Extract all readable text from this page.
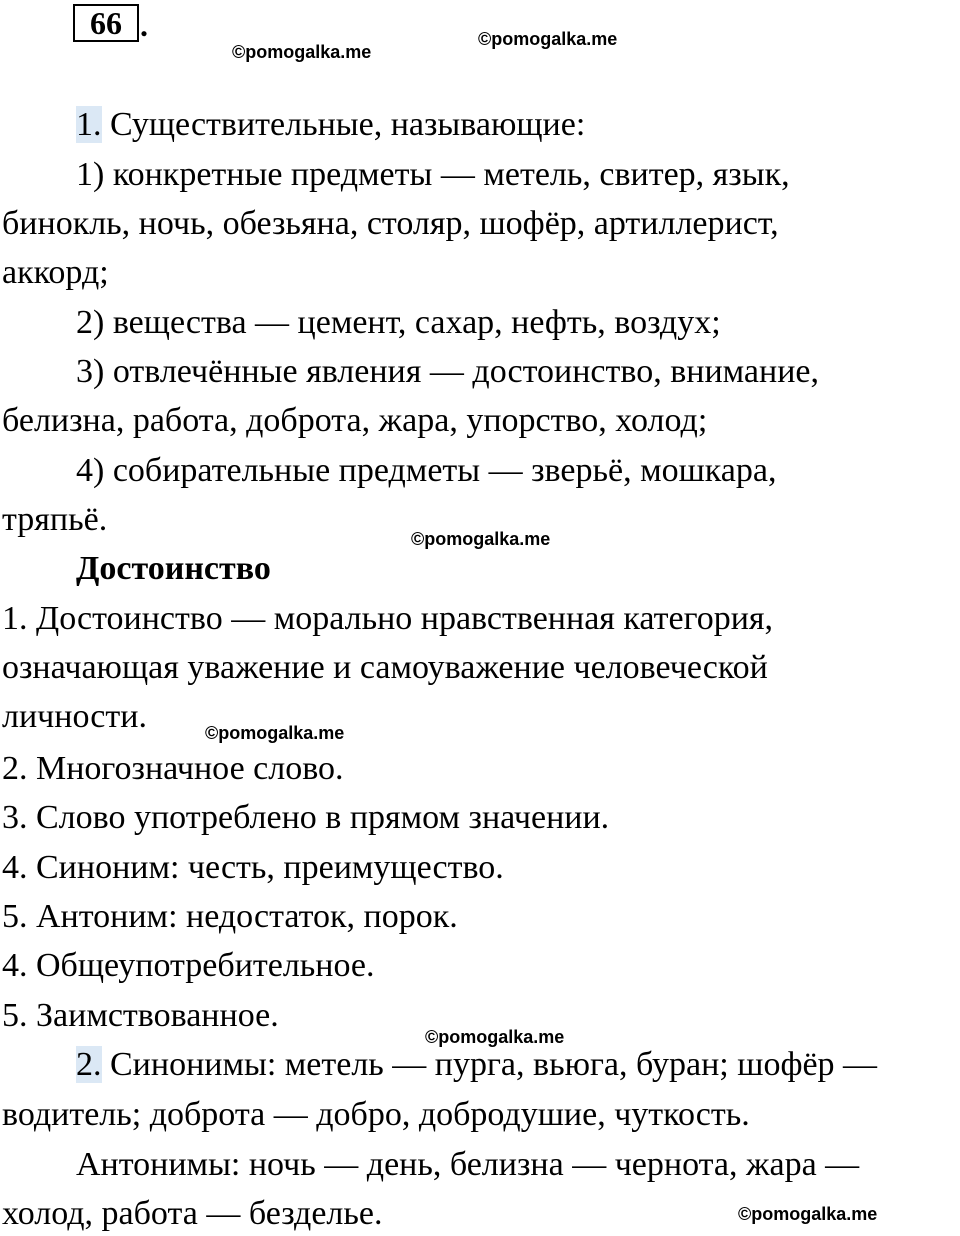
66 .
©pomogalka.me
©pomogalka.me
1. Существительные, называющие:
1) конкретные предметы — метель, свитер, язык,
бинокль, ночь, обезьяна, столяр, шофёр, артиллерист,
аккорд;
2) вещества — цемент, сахар, нефть, воздух;
3) отвлечённые явления — достоинство, внимание,
белизна, работа, доброта, жара, упорство, холод;
4) собирательные предметы — зверьё, мошкара,
тряпьё.
©pomogalka.me
Достоинство
1. Достоинство — морально нравственная категория,
означающая уважение и самоуважение человеческой
личности.	©pomogalka.me
2. Многозначное слово.
3. Слово употреблено в прямом значении.
4. Синоним: честь, преимущество.
5. Антоним: недостаток, порок.
4. Общеупотребительное.
5. Заимствованное.
©pomogalka.me
2. Синонимы: метель — пурга, вьюга, буран; шофёр —
водитель; доброта — добро, добродушие, чуткость.
Антонимы: ночь — день, белизна — чернота, жара —
холод, работа — безделье.	©pomogalka.me
